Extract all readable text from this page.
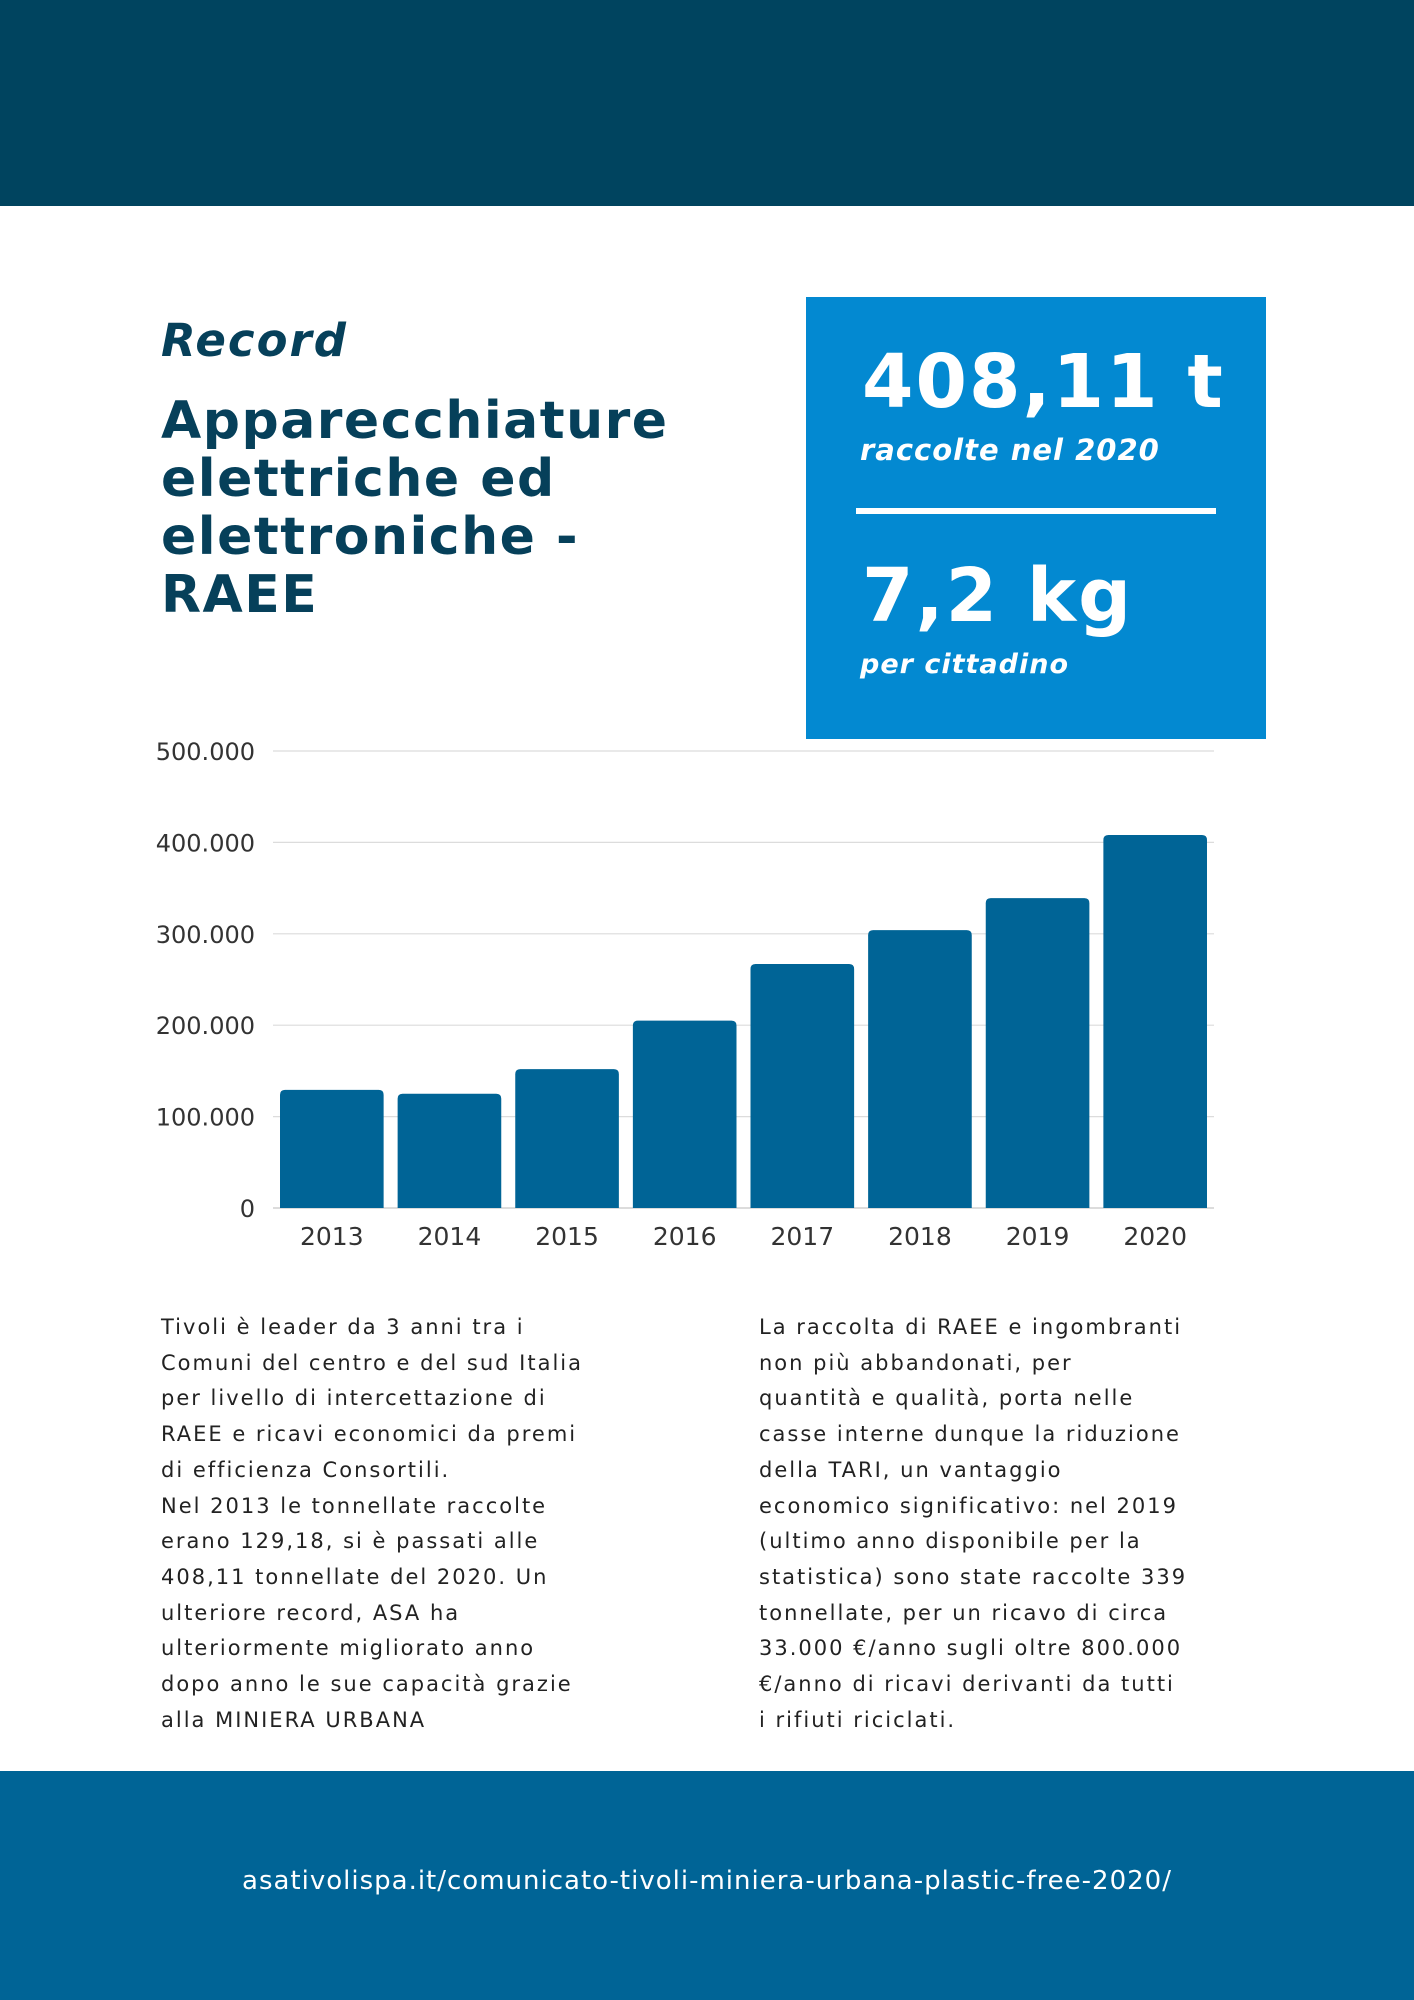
Record
Apparecchiature
elettriche ed
elettroniche -
RAEE
408,11 t
raccolte nel 2020
7,2 kg
per cittadino
0
100.000
200.000
300.000
400.000
500.000
2013 2014 2015 2016 2017 2018 2019 2020
Tivoli è leader da 3 anni tra i
Comuni del centro e del sud Italia
per livello di intercettazione di
RAEE e ricavi economici da premi
di efficienza Consortili.
Nel 2013 le tonnellate raccolte
erano 129,18, si è passati alle
408,11 tonnellate del 2020. Un
ulteriore record, ASA ha
ulteriormente migliorato anno
dopo anno le sue capacità grazie
alla MINIERA URBANA
La raccolta di RAEE e ingombranti
non più abbandonati, per
quantità e qualità, porta nelle
casse interne dunque la riduzione
della TARI, un vantaggio
economico significativo: nel 2019
(ultimo anno disponibile per la
statistica) sono state raccolte 339
tonnellate, per un ricavo di circa
33.000 €/anno sugli oltre 800.000
€/anno di ricavi derivanti da tutti
i rifiuti riciclati.
asativolispa.it/comunicato-tivoli-miniera-urbana-plastic-free-2020/
